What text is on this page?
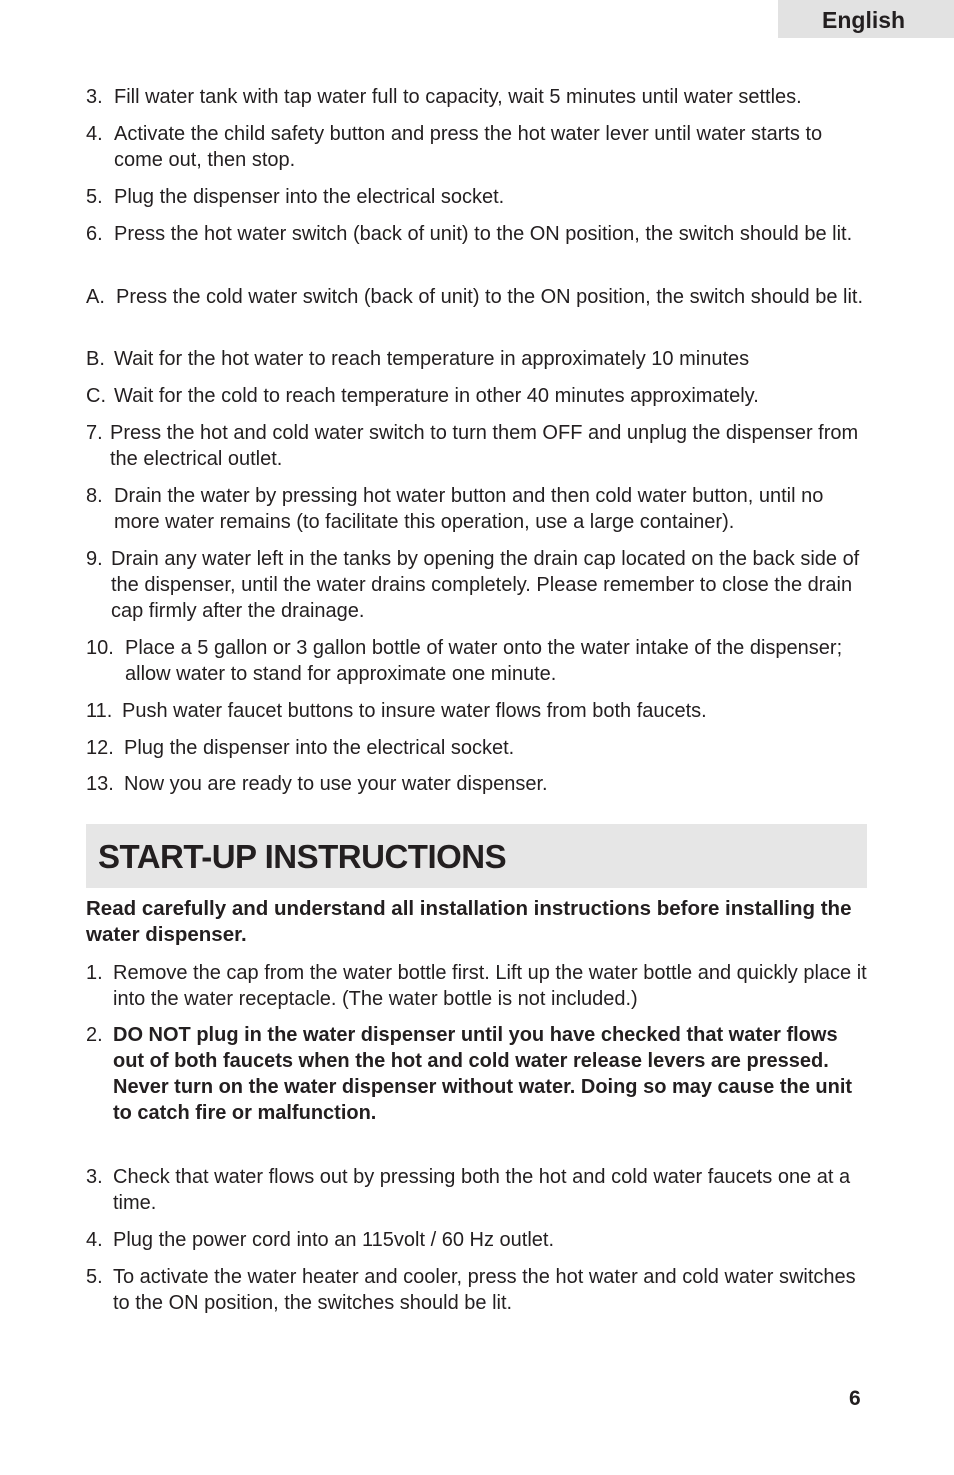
English
3. Fill water tank with tap water full to capacity, wait 5 minutes until water settles.
4. Activate the child safety button and press the hot water lever until water starts to come out, then stop.
5. Plug the dispenser into the electrical socket.
6. Press the hot water switch (back of unit) to the ON position, the switch should be lit.
A. Press the cold water switch (back of unit) to the ON position, the switch should be lit.
B. Wait for the hot water to reach temperature in approximately 10 minutes
C. Wait for the cold to reach temperature in other 40 minutes approximately.
7. Press the hot and cold water switch to turn them OFF and unplug the dispenser from the electrical outlet.
8. Drain the water by pressing hot water button and then cold water button, until no more water remains (to facilitate this operation, use a large container).
9. Drain any water left in the tanks by opening the drain cap located on the back side of the dispenser, until the water drains completely. Please remember to close the drain cap firmly after the drainage.
10. Place a 5 gallon or 3 gallon bottle of water onto the water intake of the dispenser; allow water to stand for approximate one minute.
11. Push water faucet buttons to insure water flows from both faucets.
12. Plug the dispenser into the electrical socket.
13. Now you are ready to use your water dispenser.
START-UP INSTRUCTIONS

Read carefully and understand all installation instructions before installing the water dispenser.

1. Remove the cap from the water bottle first. Lift up the water bottle and quickly place it into the water receptacle. (The water bottle is not included.)
2. DO NOT plug in the water dispenser until you have checked that water flows out of both faucets when the hot and cold water release levers are pressed. Never turn on the water dispenser without water. Doing so may cause the unit to catch fire or malfunction.
3. Check that water flows out by pressing both the hot and cold water faucets one at a time.
4. Plug the power cord into an 115volt / 60 Hz outlet.
5. To activate the water heater and cooler, press the hot water and cold water switches to the ON position, the switches should be lit.
6
